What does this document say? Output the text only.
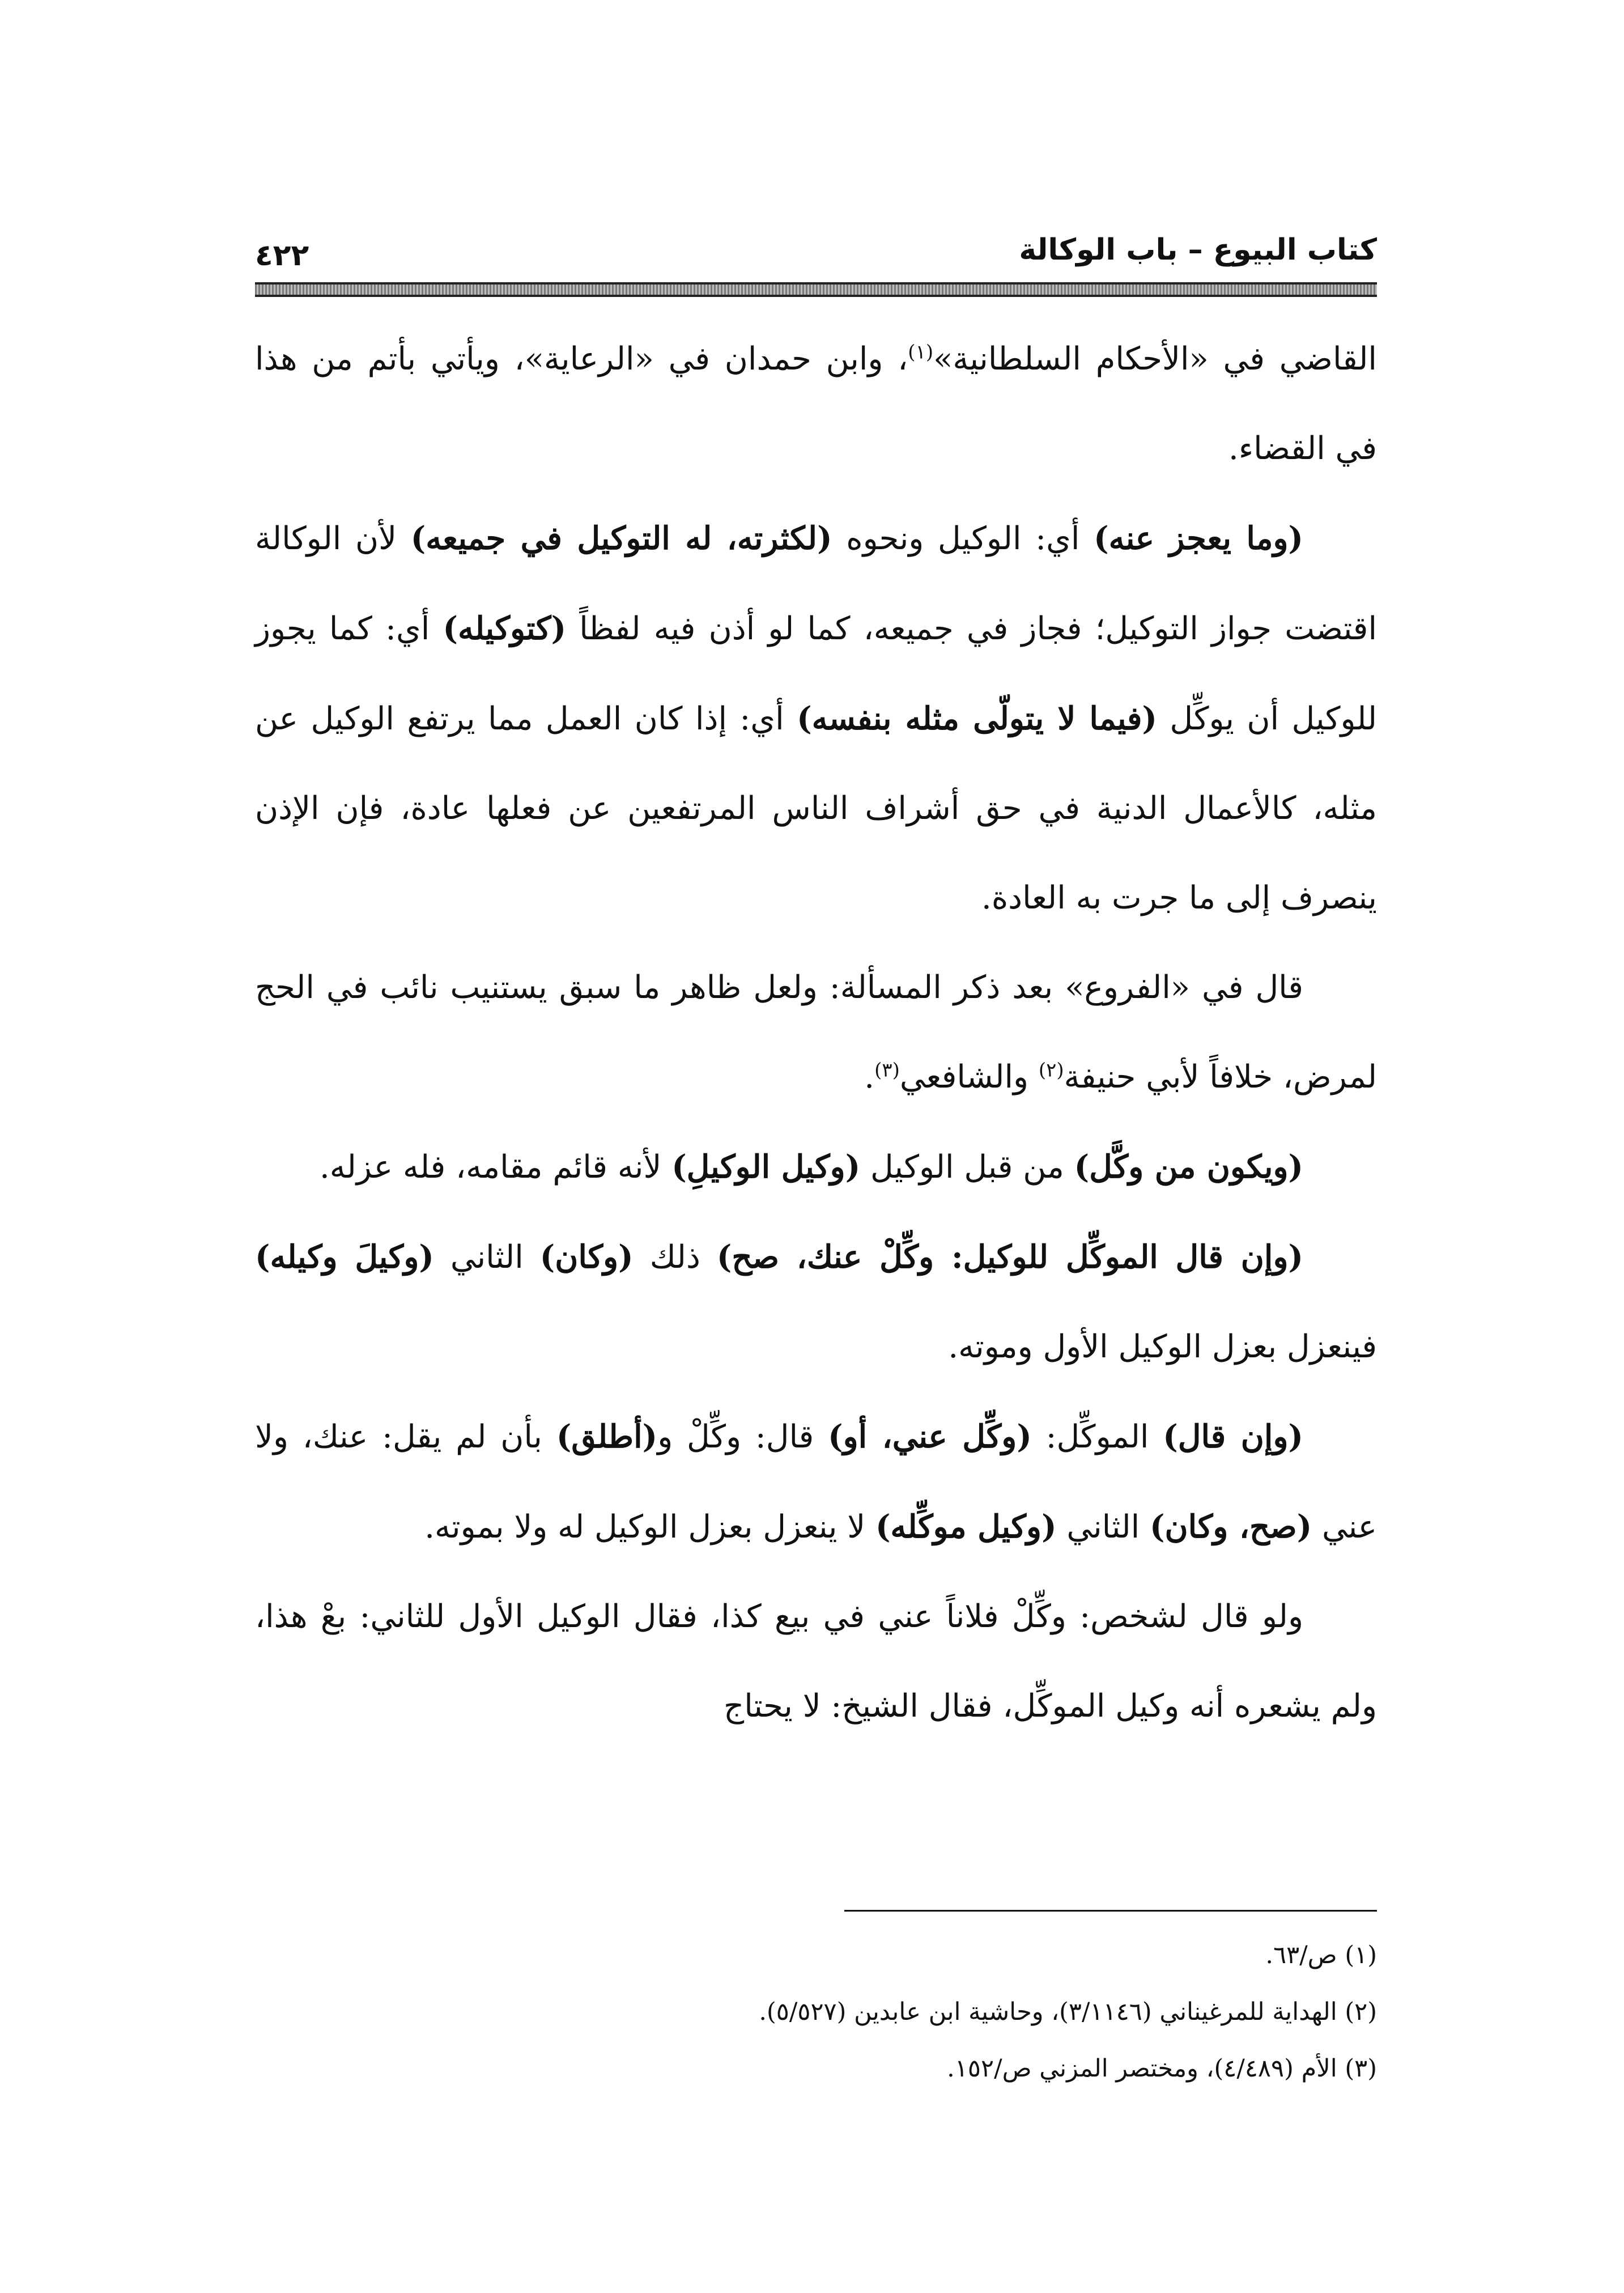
كتاب البيوع – باب الوكالة
٤٢٢

القاضي في «الأحكام السلطانية»$^{(١)}$، وابن حمدان في «الرعاية»، ويأتي بأتم من هذا في القضاء.

(وما يعجز عنه) أي: الوكيل ونحوه (لكثرته، له التوكيل في جميعه) لأن الوكالة اقتضت جواز التوكيل؛ فجاز في جميعه، كما لو أذن فيه لفظاً (كتوكيله) أي: كما يجوز للوكيل أن يوكِّل (فيما لا يتولّى مثله بنفسه) أي: إذا كان العمل مما يرتفع الوكيل عن مثله، كالأعمال الدنية في حق أشراف الناس المرتفعين عن فعلها عادة، فإن الإذن ينصرف إلى ما جرت به العادة.

قال في «الفروع» بعد ذكر المسألة: ولعل ظاهر ما سبق يستنيب نائب في الحج لمرض، خلافاً لأبي حنيفة$^{(٢)}$ والشافعي$^{(٣)}$.

(ويكون من وكَّل) من قبل الوكيل (وكيل الوكيلِ) لأنه قائم مقامه، فله عزله.

(وإن قال الموكِّل للوكيل: وكِّلْ عنك، صح) ذلك (وكان) الثاني (وكيلَ وكيله) فينعزل بعزل الوكيل الأول وموته.

(وإن قال) الموكِّل: (وكِّل عني، أو) قال: وكِّلْ و(أطلق) بأن لم يقل: عنك، ولا عني (صح، وكان) الثاني (وكيل موكِّله) لا ينعزل بعزل الوكيل له ولا بموته.

ولو قال لشخص: وكِّلْ فلاناً عني في بيع كذا، فقال الوكيل الأول للثاني: بعْ هذا، ولم يشعره أنه وكيل الموكِّل، فقال الشيخ: لا يحتاج

(١) ص/٦٣.

(٢) الهداية للمرغيناني (٣/١١٤٦)، وحاشية ابن عابدين (٥/٥٢٧).

(٣) الأم (٤/٤٨٩)، ومختصر المزني ص/١٥٢.
